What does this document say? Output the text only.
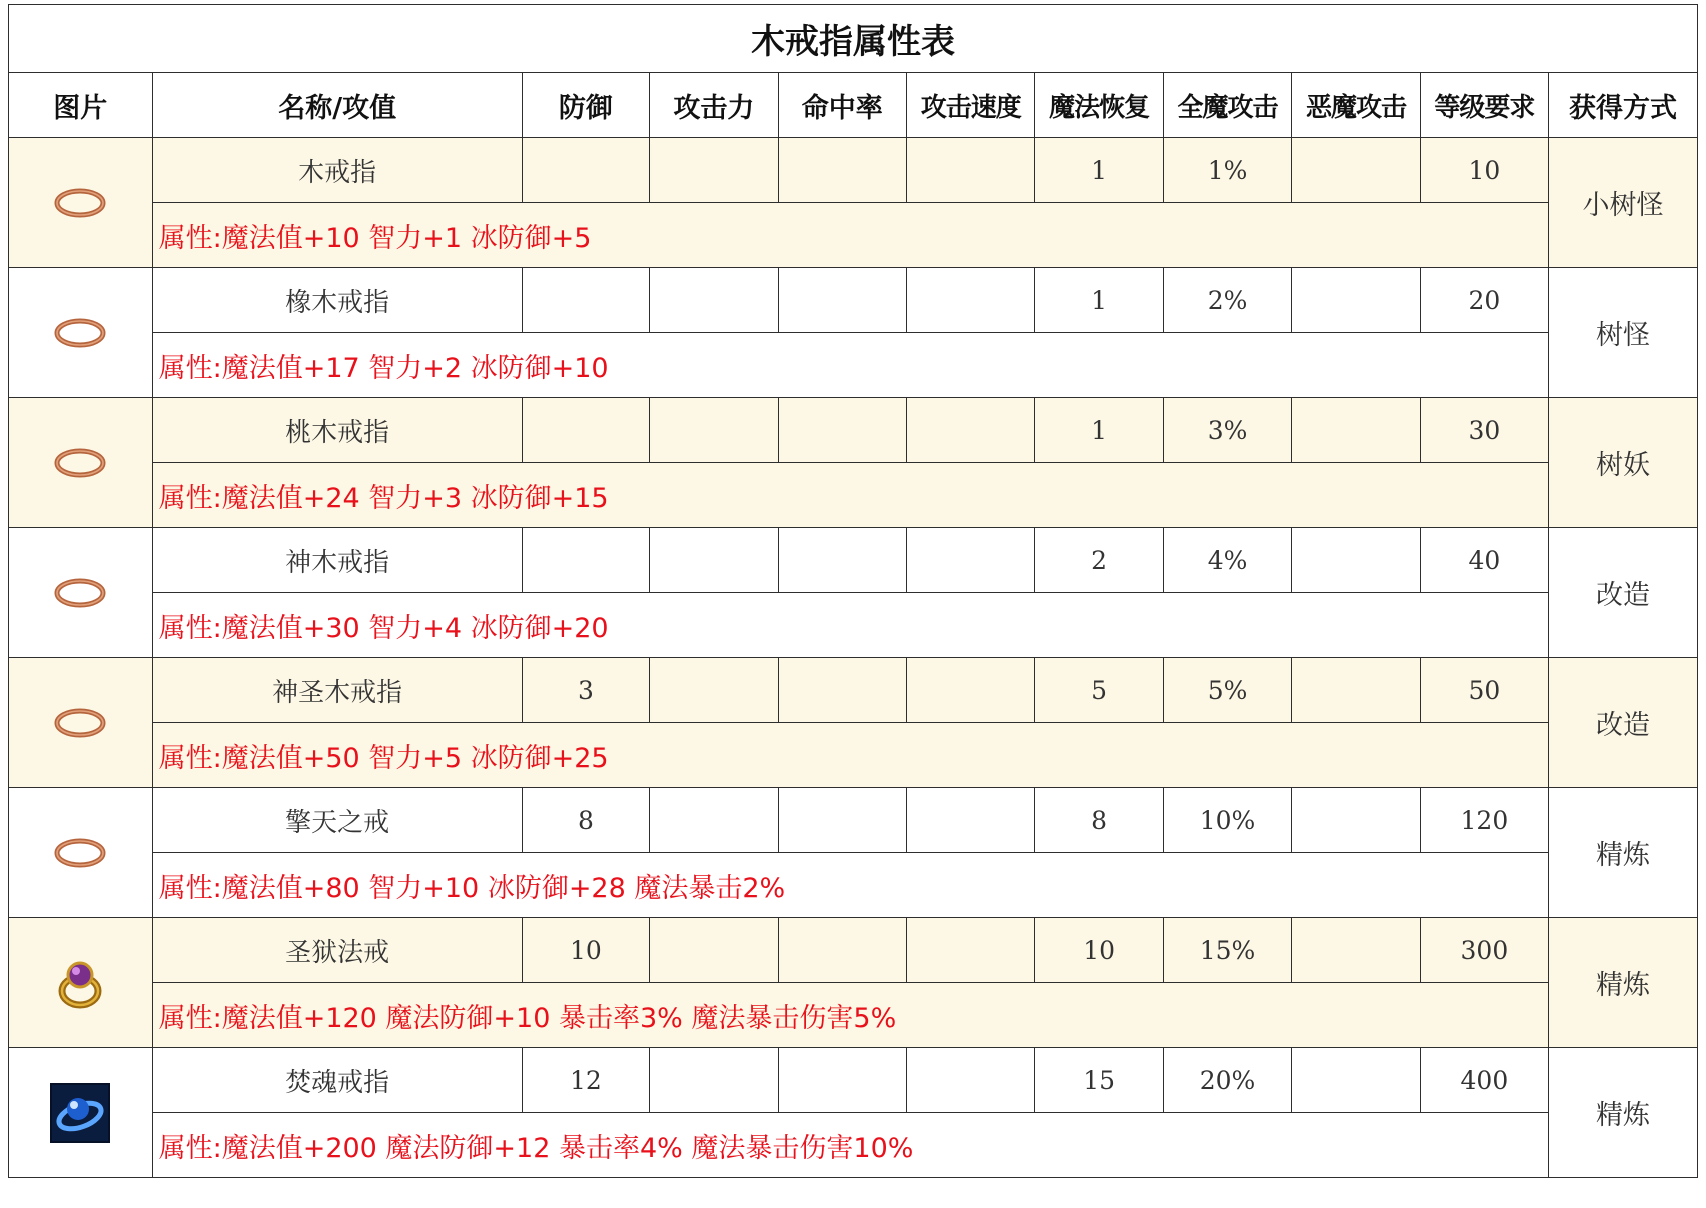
木戒指属性表										
图片	名称/攻值	防御	攻击力	命中率	攻击速度	魔法恢复	全魔攻击	恶魔攻击	等级要求	获得方式

	木戒指					1	1%		10	小树怪
	属性:魔法值+10 智力+1 冰防御+5									

	橡木戒指					1	2%		20	树怪
	属性:魔法值+17 智力+2 冰防御+10									

	桃木戒指					1	3%		30	树妖
	属性:魔法值+24 智力+3 冰防御+15									

	神木戒指					2	4%		40	改造
	属性:魔法值+30 智力+4 冰防御+20									

	神圣木戒指	3				5	5%		50	改造
	属性:魔法值+50 智力+5 冰防御+25									

	擎天之戒	8				8	10%		120	精炼
	属性:魔法值+80 智力+10 冰防御+28 魔法暴击2%									

	圣狱法戒	10				10	15%		300	精炼
	属性:魔法值+120 魔法防御+10 暴击率3% 魔法暴击伤害5%									

	焚魂戒指	12				15	20%		400	精炼
	属性:魔法值+200 魔法防御+12 暴击率4% 魔法暴击伤害10%									
